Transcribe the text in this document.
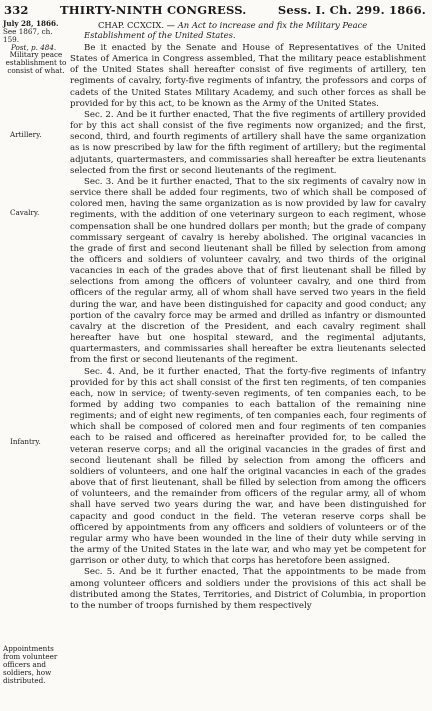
332	THIRTY-NINTH CONGRESS.	Sess. I. Ch. 299. 1866.
July 28, 1866.
See 1867, ch. 159.
Post, p. 484.
Military peace
establishment to
consist of what.
Artillery.
Cavalry.
Infantry.
Appointments
from volunteer
officers and
soldiers, how
distributed.

CHAP. CCXCIX. — An Act to increase and fix the Military Peace Establishment of the United States.

Be it enacted by the Senate and House of Representatives of the United States of America in Congress assembled, That the military peace establishment of the United States shall hereafter consist of five regiments of artillery, ten regiments of cavalry, forty-five regiments of infantry, the professors and corps of cadets of the United States Military Academy, and such other forces as shall be provided for by this act, to be known as the Army of the United States.

Sec. 2. And be it further enacted, That the five regiments of artillery provided for by this act shall consist of the five regiments now organized; and the first, second, third, and fourth regiments of artillery shall have the same organization as is now prescribed by law for the fifth regiment of artillery; but the regimental adjutants, quartermasters, and commissaries shall hereafter be extra lieutenants selected from the first or second lieutenants of the regiment.

Sec. 3. And be it further enacted, That to the six regiments of cavalry now in service there shall be added four regiments, two of which shall be composed of colored men, having the same organization as is now provided by law for cavalry regiments, with the addition of one veterinary surgeon to each regiment, whose compensation shall be one hundred dollars per month; but the grade of company commissary sergeant of cavalry is hereby abolished. The original vacancies in the grade of first and second lieutenant shall be filled by selection from among the officers and soldiers of volunteer cavalry, and two thirds of the original vacancies in each of the grades above that of first lieutenant shall be filled by selections from among the officers of volunteer cavalry, and one third from officers of the regular army, all of whom shall have served two years in the field during the war, and have been distinguished for capacity and good conduct; any portion of the cavalry force may be armed and drilled as infantry or dismounted cavalry at the discretion of the President, and each cavalry regiment shall hereafter have but one hospital steward, and the regimental adjutants, quartermasters, and commissaries shall hereafter be extra lieutenants selected from the first or second lieutenants of the regiment.

Sec. 4. And, be it further enacted, That the forty-five regiments of infantry provided for by this act shall consist of the first ten regiments, of ten companies each, now in service; of twenty-seven regiments, of ten companies each, to be formed by adding two companies to each battalion of the remaining nine regiments; and of eight new regiments, of ten companies each, four regiments of which shall be composed of colored men and four regiments of ten companies each to be raised and officered as hereinafter provided for, to be called the veteran reserve corps; and all the original vacancies in the grades of first and second lieutenant shall be filled by selection from among the officers and soldiers of volunteers, and one half the original vacancies in each of the grades above that of first lieutenant, shall be filled by selection from among the officers of volunteers, and the remainder from officers of the regular army, all of whom shall have served two years during the war, and have been distinguished for capacity and good conduct in the field. The veteran reserve corps shall be officered by appointments from any officers and soldiers of volunteers or of the regular army who have been wounded in the line of their duty while serving in the army of the United States in the late war, and who may yet be competent for garrison or other duty, to which that corps has heretofore been assigned.

Sec. 5. And be it further enacted, That the appointments to be made from among volunteer officers and soldiers under the provisions of this act shall be distributed among the States, Territories, and District of Columbia, in proportion to the number of troops furnished by them respectively
